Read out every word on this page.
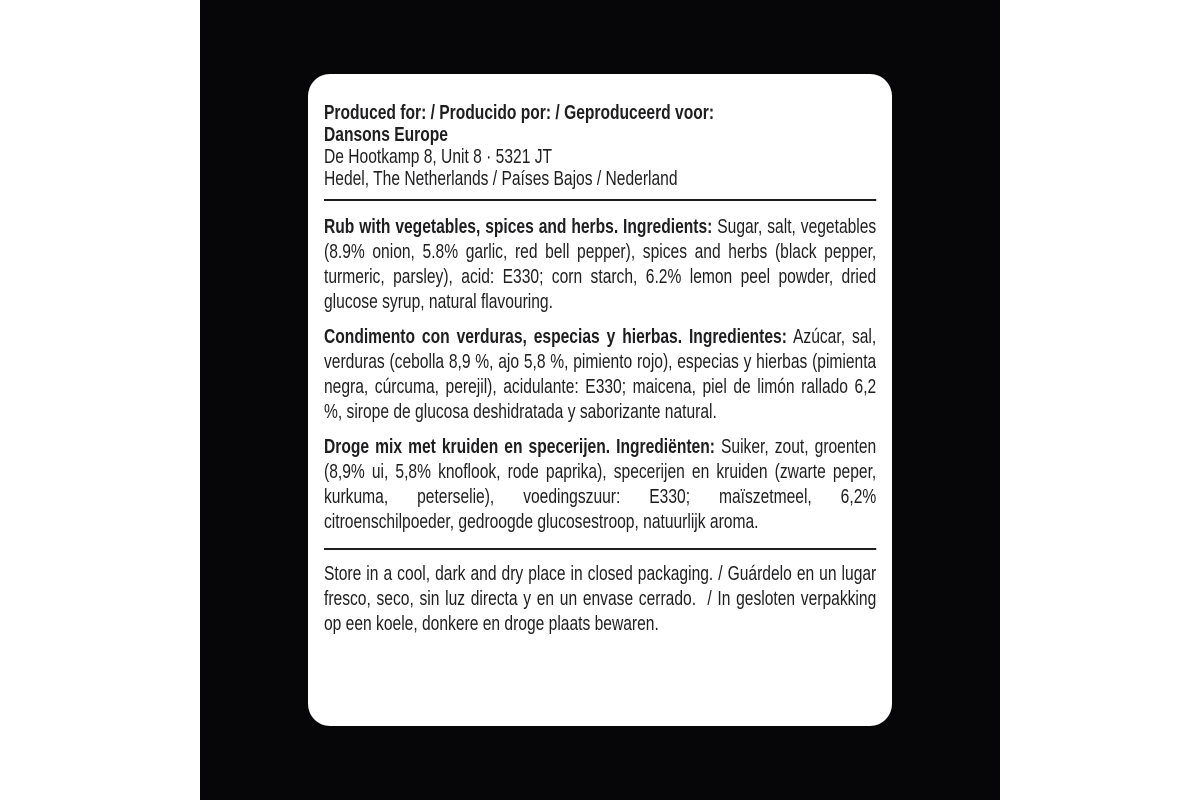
Produced for: / Producido por: / Geproduceerd voor:

Dansons Europe

De Hootkamp 8, Unit 8 · 5321 JT

Hedel, The Netherlands / Países Bajos / Nederland

Rub with vegetables, spices and herbs. Ingredients: Sugar, salt, vegetables (8.9% onion, 5.8% garlic, red bell pepper), spices and herbs (black pepper, turmeric, parsley), acid: E330; corn starch, 6.2% lemon peel powder, dried glucose syrup, natural flavouring.

Condimento con verduras, especias y hierbas. Ingredientes: Azúcar, sal, verduras (cebolla 8,9 %, ajo 5,8 %, pimiento rojo), especias y hierbas (pimienta negra, cúrcuma, perejil), acidulante: E330; maicena, piel de limón rallado 6,2 %, sirope de glucosa deshidratada y saborizante natural.

Droge mix met kruiden en specerijen. Ingrediënten: Suiker, zout, groenten (8,9% ui, 5,8% knoflook, rode paprika), specerijen en kruiden (zwarte peper, kurkuma, peterselie), voedingszuur: E330; maïszetmeel, 6,2% citroenschilpoeder, gedroogde glucosestroop, natuurlijk aroma.

Store in a cool, dark and dry place in closed packaging. / Guárdelo en un lugar fresco, seco, sin luz directa y en un envase cerrado.  / In gesloten verpakking op een koele, donkere en droge plaats bewaren.
